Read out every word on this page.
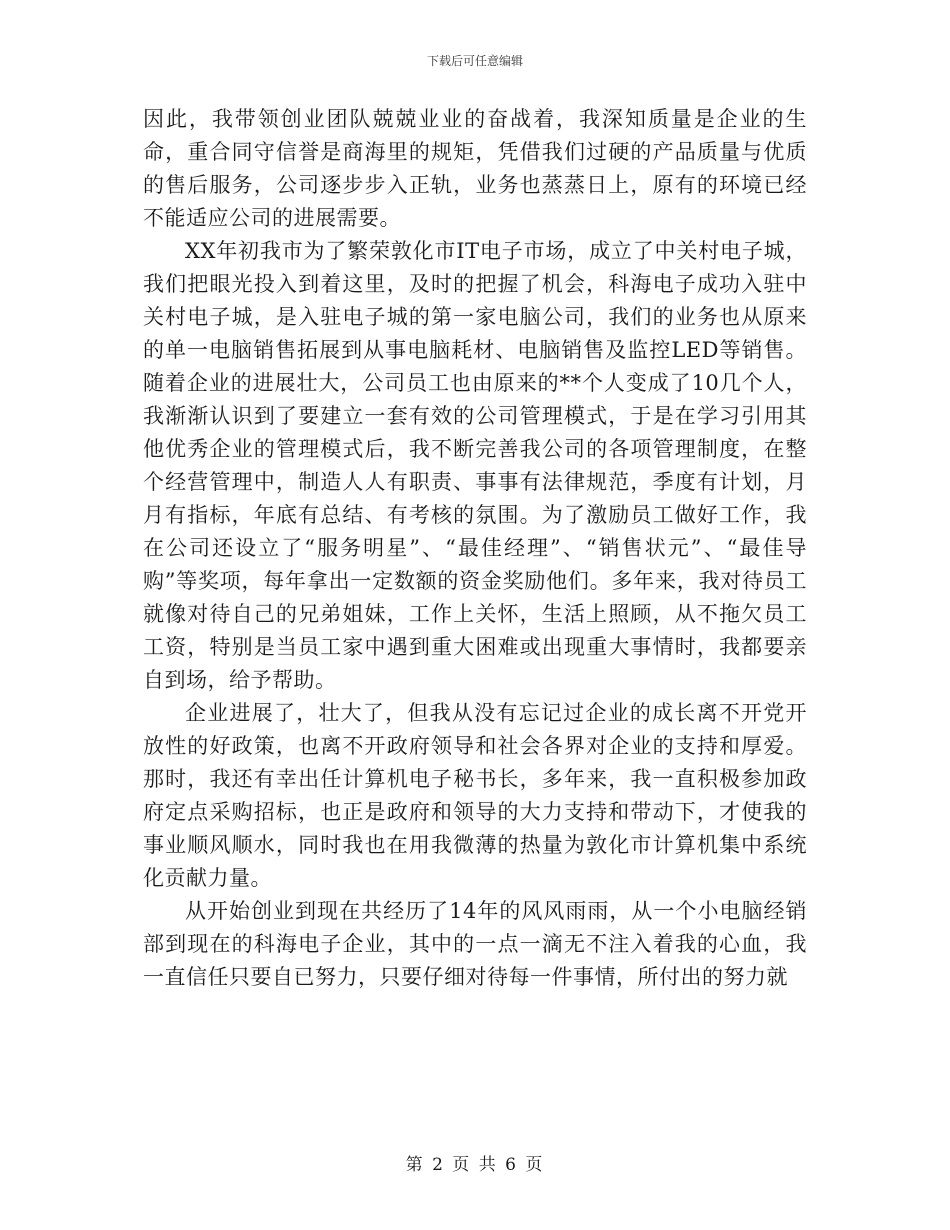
下载后可任意编辑

因此，我带领创业团队兢兢业业的奋战着，我深知质量是企业的生命，重合同守信誉是商海里的规矩，凭借我们过硬的产品质量与优质的售后服务，公司逐步步入正轨，业务也蒸蒸日上，原有的环境已经不能适应公司的进展需要。

XX年初我市为了繁荣敦化市IT电子市场，成立了中关村电子城，我们把眼光投入到着这里，及时的把握了机会，科海电子成功入驻中关村电子城，是入驻电子城的第一家电脑公司，我们的业务也从原来的单一电脑销售拓展到从事电脑耗材、电脑销售及监控LED等销售。随着企业的进展壮大，公司员工也由原来的**个人变成了10几个人，我渐渐认识到了要建立一套有效的公司管理模式，于是在学习引用其他优秀企业的管理模式后，我不断完善我公司的各项管理制度，在整个经营管理中，制造人人有职责、事事有法律规范，季度有计划，月月有指标，年底有总结、有考核的氛围。为了激励员工做好工作，我在公司还设立了“服务明星”、“最佳经理”、“销售状元”、“最佳导购”等奖项，每年拿出一定数额的资金奖励他们。多年来，我对待员工就像对待自己的兄弟姐妹，工作上关怀，生活上照顾，从不拖欠员工工资，特别是当员工家中遇到重大困难或出现重大事情时，我都要亲自到场，给予帮助。

企业进展了，壮大了，但我从没有忘记过企业的成长离不开党开放性的好政策，也离不开政府领导和社会各界对企业的支持和厚爱。那时，我还有幸出任计算机电子秘书长，多年来，我一直积极参加政府定点采购招标，也正是政府和领导的大力支持和带动下，才使我的事业顺风顺水，同时我也在用我微薄的热量为敦化市计算机集中系统化贡献力量。

从开始创业到现在共经历了14年的风风雨雨，从一个小电脑经销部到现在的科海电子企业，其中的一点一滴无不注入着我的心血，我一直信任只要自已努力，只要仔细对待每一件事情，所付出的努力就

第 2 页 共 6 页
